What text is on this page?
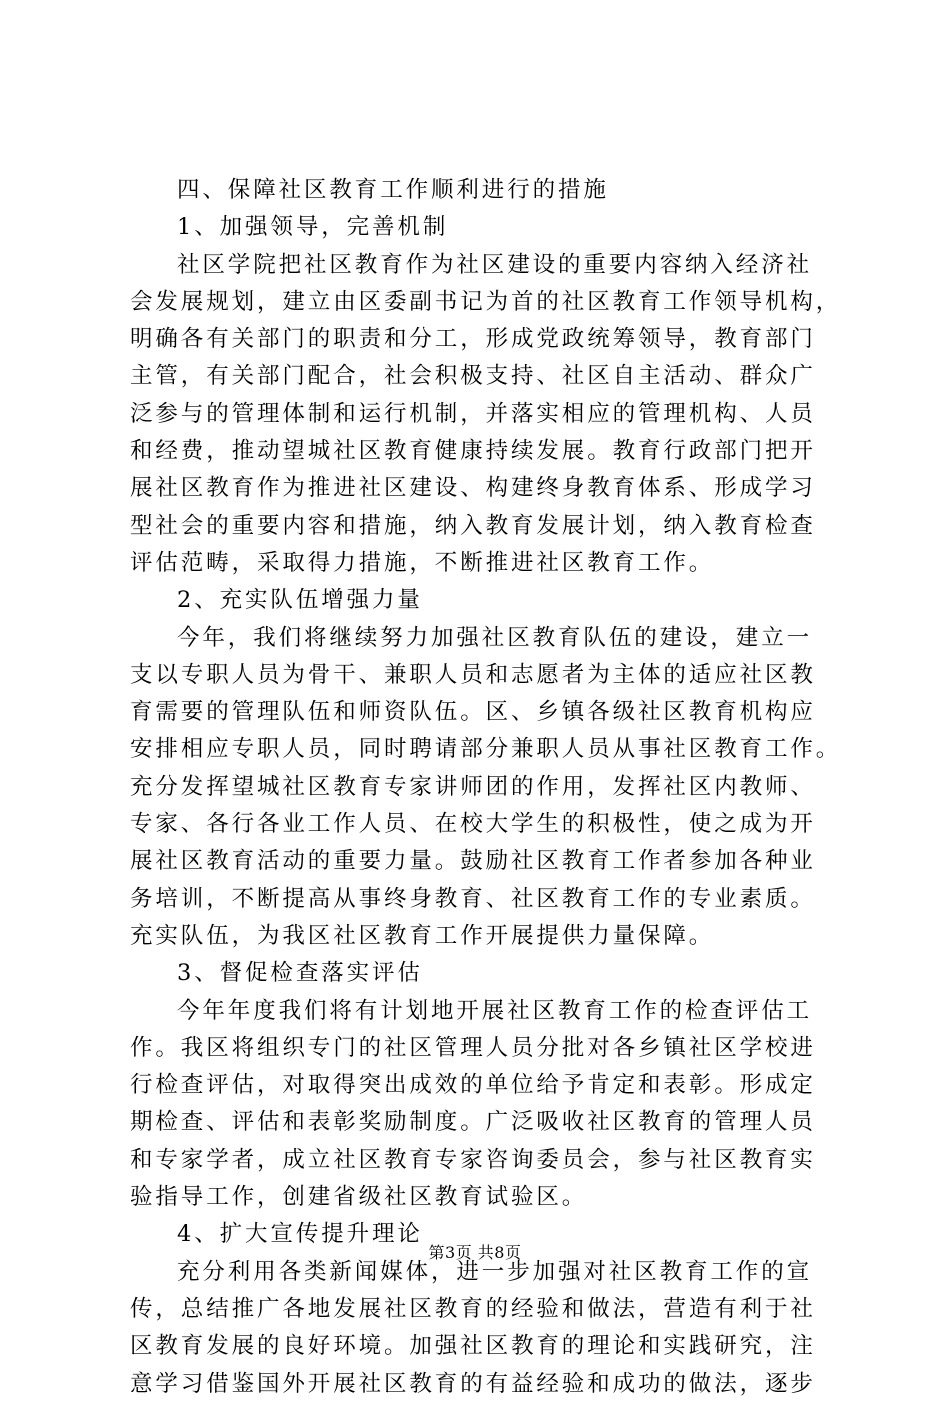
四、保障社区教育工作顺利进行的措施
1、加强领导，完善机制
社区学院把社区教育作为社区建设的重要内容纳入经济社
会发展规划，建立由区委副书记为首的社区教育工作领导机构，
明确各有关部门的职责和分工，形成党政统筹领导，教育部门
主管，有关部门配合，社会积极支持、社区自主活动、群众广
泛参与的管理体制和运行机制，并落实相应的管理机构、人员
和经费，推动望城社区教育健康持续发展。教育行政部门把开
展社区教育作为推进社区建设、构建终身教育体系、形成学习
型社会的重要内容和措施，纳入教育发展计划，纳入教育检查
评估范畴，采取得力措施，不断推进社区教育工作。
2、充实队伍增强力量
今年，我们将继续努力加强社区教育队伍的建设，建立一
支以专职人员为骨干、兼职人员和志愿者为主体的适应社区教
育需要的管理队伍和师资队伍。区、乡镇各级社区教育机构应
安排相应专职人员，同时聘请部分兼职人员从事社区教育工作。
充分发挥望城社区教育专家讲师团的作用，发挥社区内教师、
专家、各行各业工作人员、在校大学生的积极性，使之成为开
展社区教育活动的重要力量。鼓励社区教育工作者参加各种业
务培训，不断提高从事终身教育、社区教育工作的专业素质。
充实队伍，为我区社区教育工作开展提供力量保障。
3、督促检查落实评估
今年年度我们将有计划地开展社区教育工作的检查评估工
作。我区将组织专门的社区管理人员分批对各乡镇社区学校进
行检查评估，对取得突出成效的单位给予肯定和表彰。形成定
期检查、评估和表彰奖励制度。广泛吸收社区教育的管理人员
和专家学者，成立社区教育专家咨询委员会，参与社区教育实
验指导工作，创建省级社区教育试验区。
4、扩大宣传提升理论
充分利用各类新闻媒体，进一步加强对社区教育工作的宣
传，总结推广各地发展社区教育的经验和做法，营造有利于社
区教育发展的良好环境。加强社区教育的理论和实践研究，注
意学习借鉴国外开展社区教育的有益经验和成功的做法，逐步
第3页 共8页
